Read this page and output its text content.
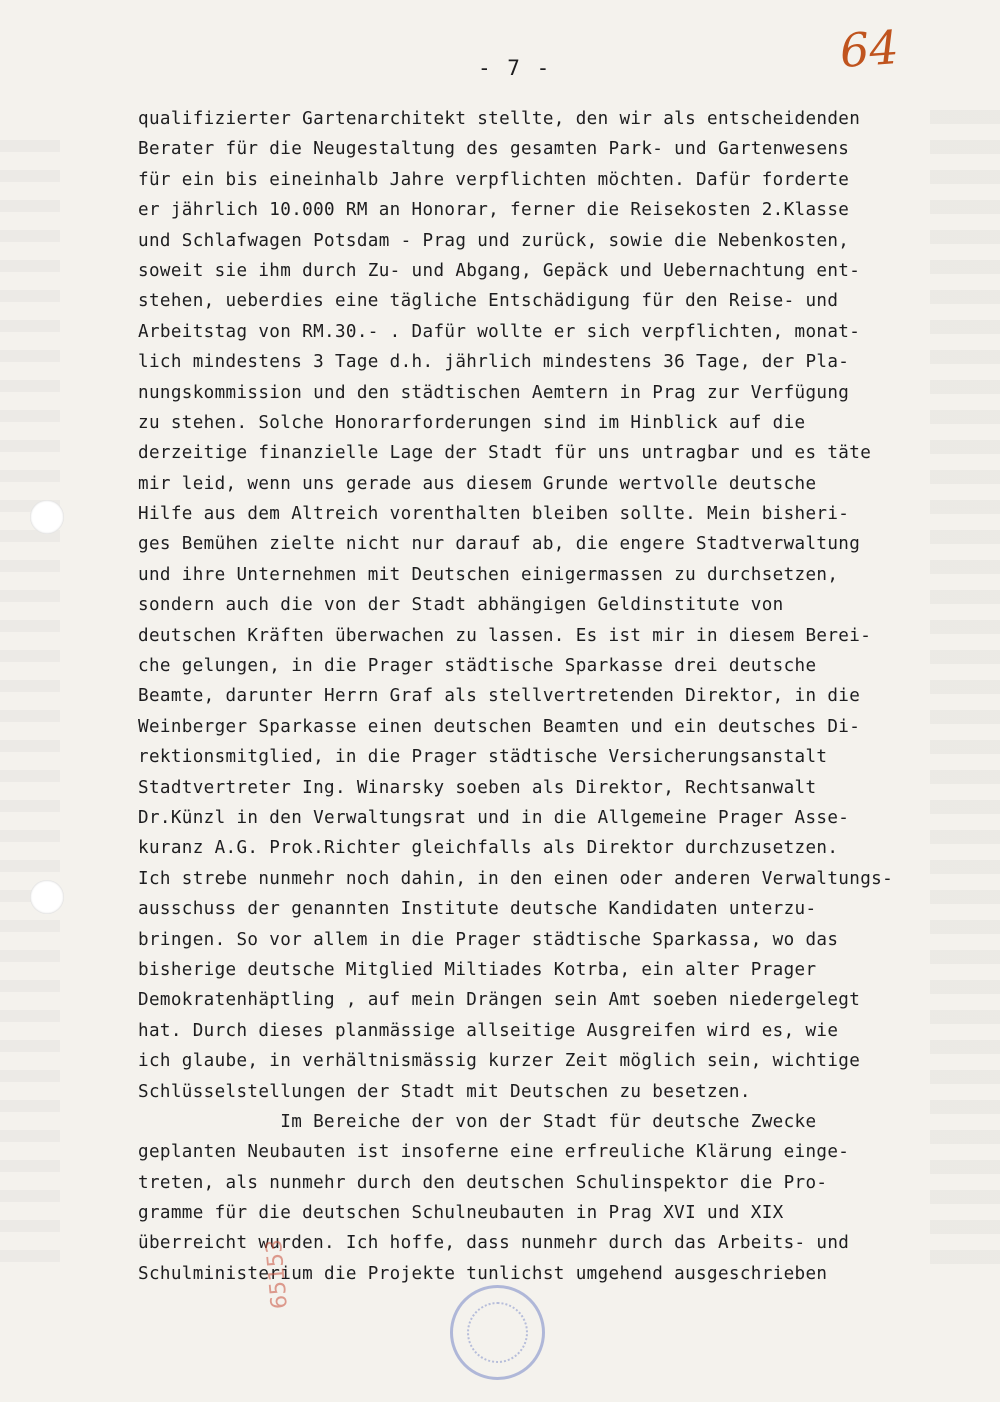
- 7 -	64
qualifizierter Gartenarchitekt stellte, den wir als entscheidenden
Berater für die Neugestaltung des gesamten Park- und Gartenwesens
für ein bis eineinhalb Jahre verpflichten möchten. Dafür forderte
er jährlich 10.000 RM an Honorar, ferner die Reisekosten 2.Klasse
und Schlafwagen Potsdam - Prag und zurück, sowie die Nebenkosten,
soweit sie ihm durch Zu- und Abgang, Gepäck und Uebernachtung ent-
stehen, ueberdies eine tägliche Entschädigung für den Reise- und
Arbeitstag von RM.30.- . Dafür wollte er sich verpflichten, monat-
lich mindestens 3 Tage d.h. jährlich mindestens 36 Tage, der Pla-
nungskommission und den städtischen Aemtern in Prag zur Verfügung
zu stehen. Solche Honorarforderungen sind im Hinblick auf die
derzeitige finanzielle Lage der Stadt für uns untragbar und es täte
mir leid, wenn uns gerade aus diesem Grunde wertvolle deutsche
Hilfe aus dem Altreich vorenthalten bleiben sollte. Mein bisheri-
ges Bemühen zielte nicht nur darauf ab, die engere Stadtverwaltung
und ihre Unternehmen mit Deutschen einigermassen zu durchsetzen,
sondern auch die von der Stadt abhängigen Geldinstitute von
deutschen Kräften überwachen zu lassen. Es ist mir in diesem Berei-
che gelungen, in die Prager städtische Sparkasse drei deutsche
Beamte, darunter Herrn Graf als stellvertretenden Direktor, in die
Weinberger Sparkasse einen deutschen Beamten und ein deutsches Di-
rektionsmitglied, in die Prager städtische Versicherungsanstalt
Stadtvertreter Ing. Winarsky soeben als Direktor, Rechtsanwalt
Dr.Künzl in den Verwaltungsrat und in die Allgemeine Prager Asse-
kuranz A.G. Prok.Richter gleichfalls als Direktor durchzusetzen.
Ich strebe nunmehr noch dahin, in den einen oder anderen Verwaltungs-
ausschuss der genannten Institute deutsche Kandidaten unterzu-
bringen. So vor allem in die Prager städtische Sparkassa, wo das
bisherige deutsche Mitglied Miltiades Kotrba, ein alter Prager
Demokratenhäptling , auf mein Drängen sein Amt soeben niedergelegt
hat. Durch dieses planmässige allseitige Ausgreifen wird es, wie
ich glaube, in verhältnismässig kurzer Zeit möglich sein, wichtige
Schlüsselstellungen der Stadt mit Deutschen zu besetzen.
Im Bereiche der von der Stadt für deutsche Zwecke
geplanten Neubauten ist insoferne eine erfreuliche Klärung einge-
treten, als nunmehr durch den deutschen Schulinspektor die Pro-
gramme für die deutschen Schulneubauten in Prag XVI und XIX
überreicht wurden. Ich hoffe, dass nunmehr durch das Arbeits- und
Schulministerium die Projekte tunlichst umgehend ausgeschrieben
65153
